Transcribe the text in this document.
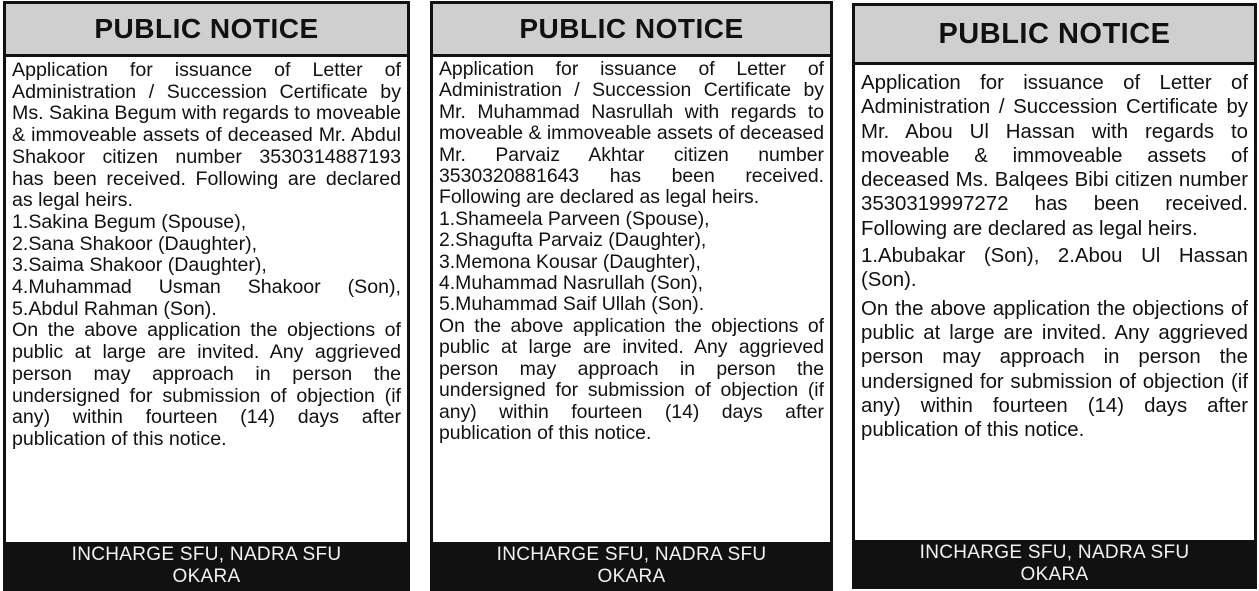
PUBLIC NOTICE

Application for issuance of Letter of Administration / Succession Certificate by Ms. Sakina Begum with regards to moveable & immoveable assets of deceased Mr. Abdul Shakoor citizen number 3530314887193 has been received. Following are declared as legal heirs.

1.Sakina Begum (Spouse),

2.Sana Shakoor (Daughter),

3.Saima Shakoor (Daughter),

4.Muhammad Usman Shakoor (Son), 5.Abdul Rahman (Son).

On the above application the objections of public at large are invited. Any aggrieved person may approach in person the undersigned for submission of objection (if any) within fourteen (14) days after publication of this notice.

INCHARGE SFU, NADRA SFU
OKARA
PUBLIC NOTICE

Application for issuance of Letter of Administration / Succession Certificate by Mr. Muhammad Nasrullah with regards to moveable & immoveable assets of deceased Mr. Parvaiz Akhtar citizen number 3530320881643 has been received. Following are declared as legal heirs.

1.Shameela Parveen (Spouse),

2.Shagufta Parvaiz (Daughter),

3.Memona Kousar (Daughter),

4.Muhammad Nasrullah (Son),

5.Muhammad Saif Ullah (Son).

On the above application the objections of public at large are invited. Any aggrieved person may approach in person the undersigned for submission of objection (if any) within fourteen (14) days after publication of this notice.

INCHARGE SFU, NADRA SFU
OKARA
PUBLIC NOTICE

Application for issuance of Letter of Administration / Succession Certificate by Mr. Abou Ul Hassan with regards to moveable & immoveable assets of deceased Ms. Balqees Bibi citizen number 3530319997272 has been received. Following are declared as legal heirs.

1.Abubakar (Son), 2.Abou Ul Hassan (Son).

On the above application the objections of public at large are invited. Any aggrieved person may approach in person the undersigned for submission of objection (if any) within fourteen (14) days after publication of this notice.

INCHARGE SFU, NADRA SFU
OKARA
